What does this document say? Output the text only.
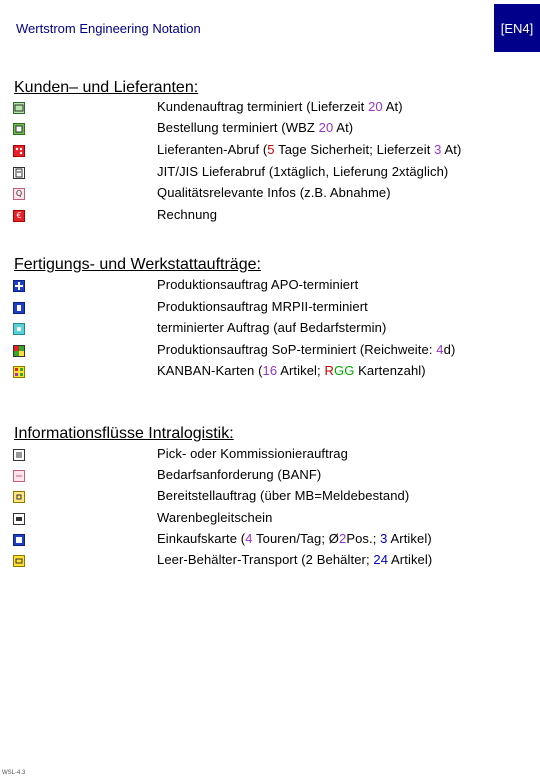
Wertstrom Engineering Notation	[EN4]
Kunden– und Lieferanten:
Kundenauftrag terminiert (Lieferzeit 20 At)
Bestellung terminiert (WBZ 20 At)
Lieferanten-Abruf (5 Tage Sicherheit; Lieferzeit 3 At)
JIT/JIS Lieferabruf (1xtäglich, Lieferung 2xtäglich)
Q	Qualitätsrelevante Infos (z.B. Abnahme)
€	Rechnung
Fertigungs- und Werkstattaufträge:
Produktionsauftrag APO-terminiert
Produktionsauftrag MRPII-terminiert
terminierter Auftrag (auf Bedarfstermin)
Produktionsauftrag SoP-terminiert (Reichweite: 4d)
KANBAN-Karten (16 Artikel; RGG Kartenzahl)
Informationsflüsse Intralogistik:
Pick- oder Kommissionierauftrag
Bedarfsanforderung (BANF)
Bereitstellauftrag (über MB=Meldebestand)
Warenbegleitschein
Einkaufskarte (4 Touren/Tag; Ø2Pos.; 3 Artikel)
Leer-Behälter-Transport (2 Behälter; 24 Artikel)
WSL-4.3
